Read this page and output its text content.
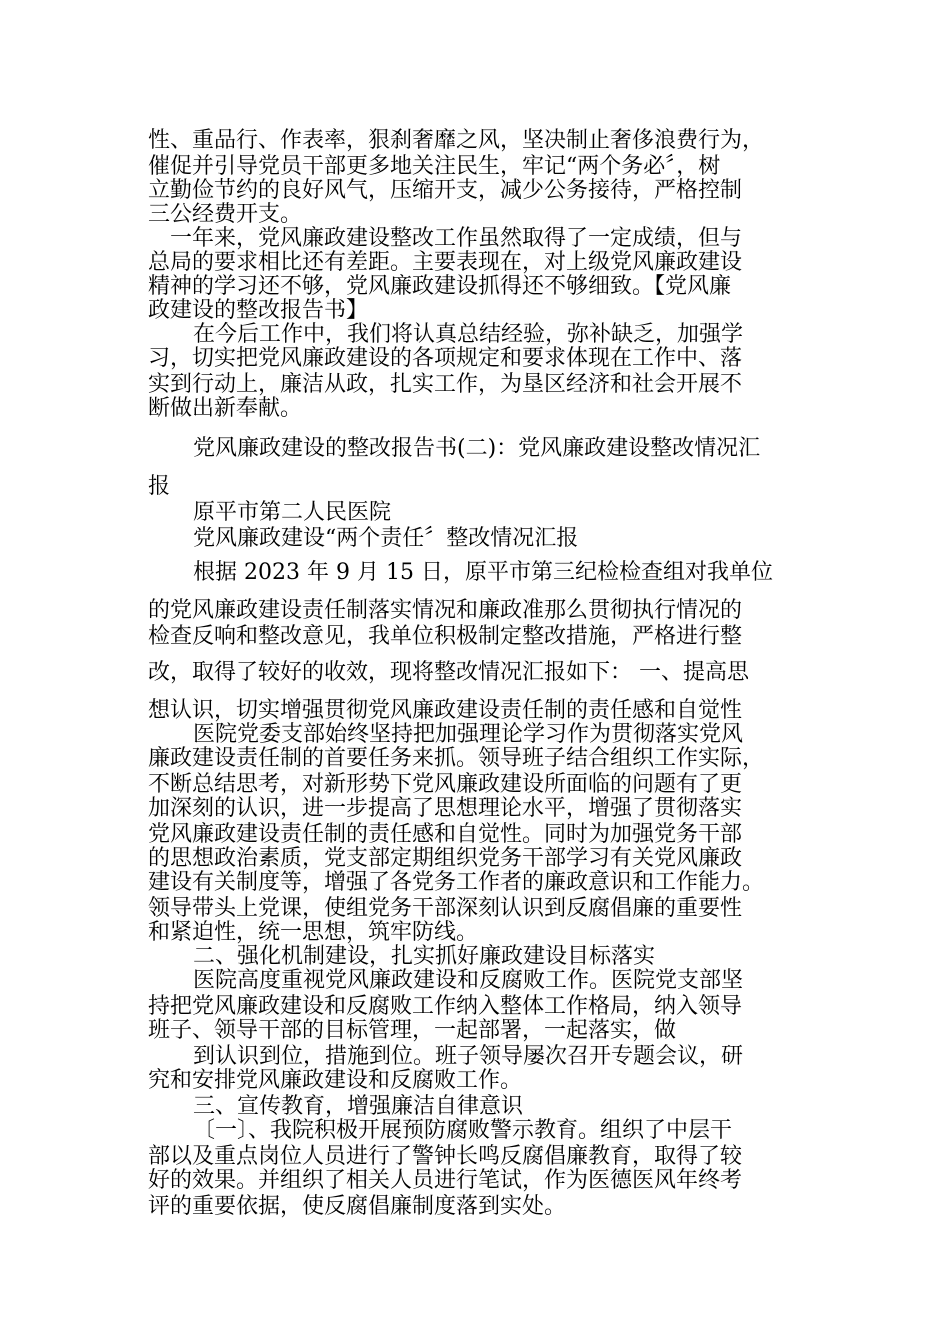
性、重品行、作表率，狠刹奢靡之风，坚决制止奢侈浪费行为，

催促并引导党员干部更多地关注民生，牢记“两个务必〞，树

立勤俭节约的良好风气，压缩开支，减少公务接待，严格控制

三公经费开支。

一年来，党风廉政建设整改工作虽然取得了一定成绩，但与

总局的要求相比还有差距。主要表现在，对上级党风廉政建设

精神的学习还不够，党风廉政建设抓得还不够细致。【党风廉

政建设的整改报告书】

在今后工作中，我们将认真总结经验，弥补缺乏，加强学

习，切实把党风廉政建设的各项规定和要求体现在工作中、落

实到行动上，廉洁从政，扎实工作，为垦区经济和社会开展不

断做出新奉献。

党风廉政建设的整改报告书(二)：党风廉政建设整改情况汇

报

原平市第二人民医院

党风廉政建设“两个责任〞整改情况汇报

根据 2023 年 9 月 15 日，原平市第三纪检检查组对我单位

的党风廉政建设责任制落实情况和廉政准那么贯彻执行情况的

检查反响和整改意见，我单位积极制定整改措施，严格进行整

改，取得了较好的收效，现将整改情况汇报如下： 一、提高思

想认识，切实增强贯彻党风廉政建设责任制的责任感和自觉性

医院党委支部始终坚持把加强理论学习作为贯彻落实党风

廉政建设责任制的首要任务来抓。领导班子结合组织工作实际，

不断总结思考，对新形势下党风廉政建设所面临的问题有了更

加深刻的认识，进一步提高了思想理论水平，增强了贯彻落实

党风廉政建设责任制的责任感和自觉性。同时为加强党务干部

的思想政治素质，党支部定期组织党务干部学习有关党风廉政

建设有关制度等，增强了各党务工作者的廉政意识和工作能力。

领导带头上党课，使组党务干部深刻认识到反腐倡廉的重要性

和紧迫性，统一思想，筑牢防线。

二、强化机制建设，扎实抓好廉政建设目标落实

医院高度重视党风廉政建设和反腐败工作。医院党支部坚

持把党风廉政建设和反腐败工作纳入整体工作格局，纳入领导

班子、领导干部的目标管理，一起部署，一起落实，做

到认识到位，措施到位。班子领导屡次召开专题会议，研

究和安排党风廉政建设和反腐败工作。

三、宣传教育，增强廉洁自律意识

〔一〕、我院积极开展预防腐败警示教育。组织了中层干

部以及重点岗位人员进行了警钟长鸣反腐倡廉教育，取得了较

好的效果。并组织了相关人员进行笔试，作为医德医风年终考

评的重要依据，使反腐倡廉制度落到实处。
